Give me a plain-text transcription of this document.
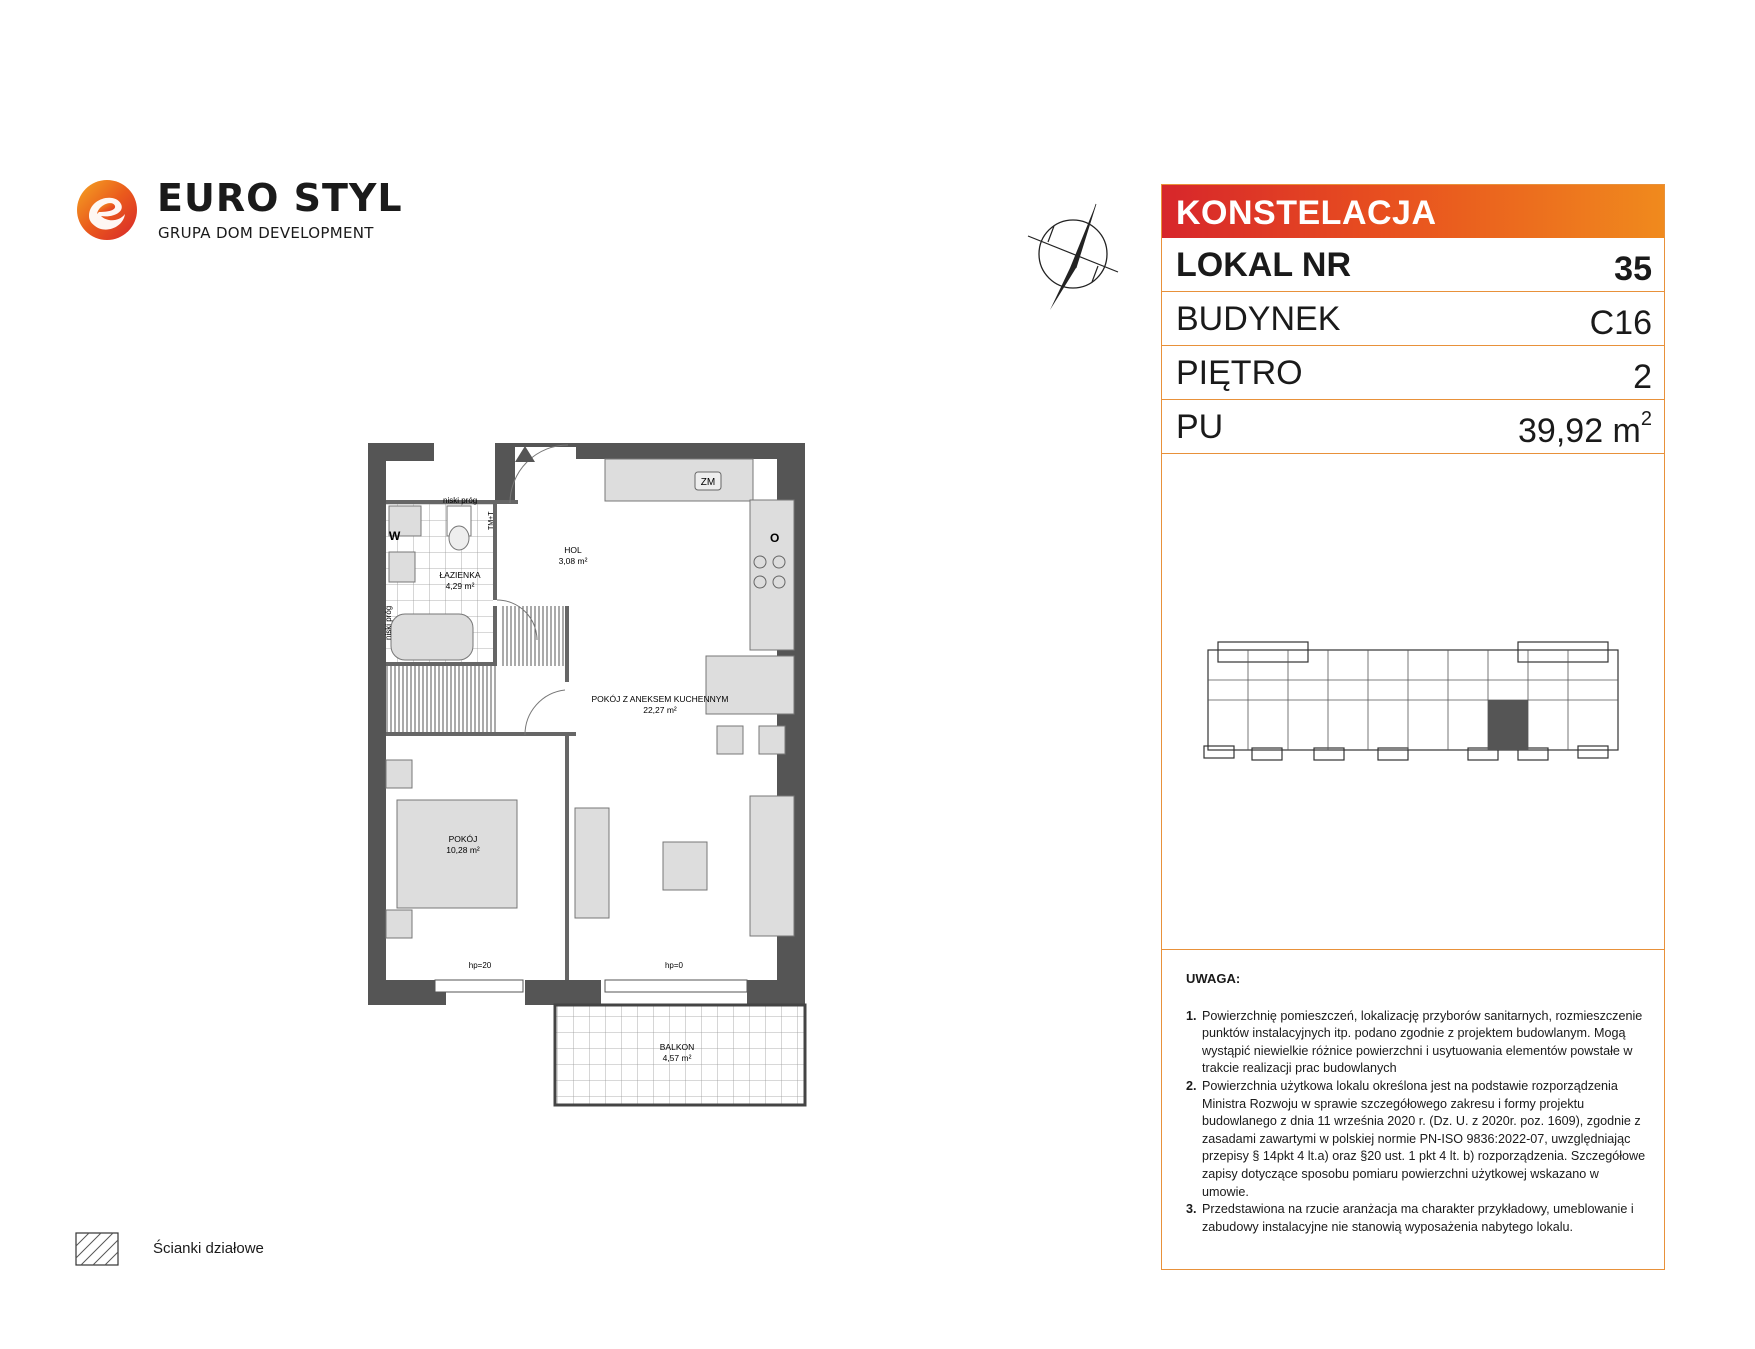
EURO STYL
GRUPA DOM DEVELOPMENT
HOL
3,08 m²
ŁAZIENKA
4,29 m²
POKÓJ Z ANEKSEM KUCHENNYM
22,27 m²
POKÓJ
10,28 m²
BALKON
4,57 m²
ZM
niski próg
niski próg
W
TM+T
O
hp=20	hp=0
Ścianki działowe
KONSTELACJA
LOKAL NR	35
BUDYNEK	C16
PIĘTRO	2
PU	39,92 $m^2$
UWAGA:
1. Powierzchnię pomieszczeń, lokalizację przyborów sanitarnych, rozmieszczenie punktów instalacyjnych itp. podano zgodnie z projektem budowlanym. Mogą wystąpić niewielkie różnice powierzchni i usytuowania elementów powstałe w trakcie realizacji prac budowlanych
2. Powierzchnia użytkowa lokalu określona jest na podstawie rozporządzenia Ministra Rozwoju w sprawie szczegółowego zakresu i formy projektu budowlanego z dnia 11 września 2020 r. (Dz. U. z 2020r. poz. 1609), zgodnie z zasadami zawartymi w polskiej normie PN-ISO 9836:2022-07, uwzględniając przepisy § 14pkt 4 lt.a) oraz §20 ust. 1 pkt 4 lt. b) rozporządzenia. Szczegółowe zapisy dotyczące sposobu pomiaru powierzchni użytkowej wskazano w umowie.
3. Przedstawiona na rzucie aranżacja ma charakter przykładowy, umeblowanie i zabudowy instalacyjne nie stanowią wyposażenia nabytego lokalu.
